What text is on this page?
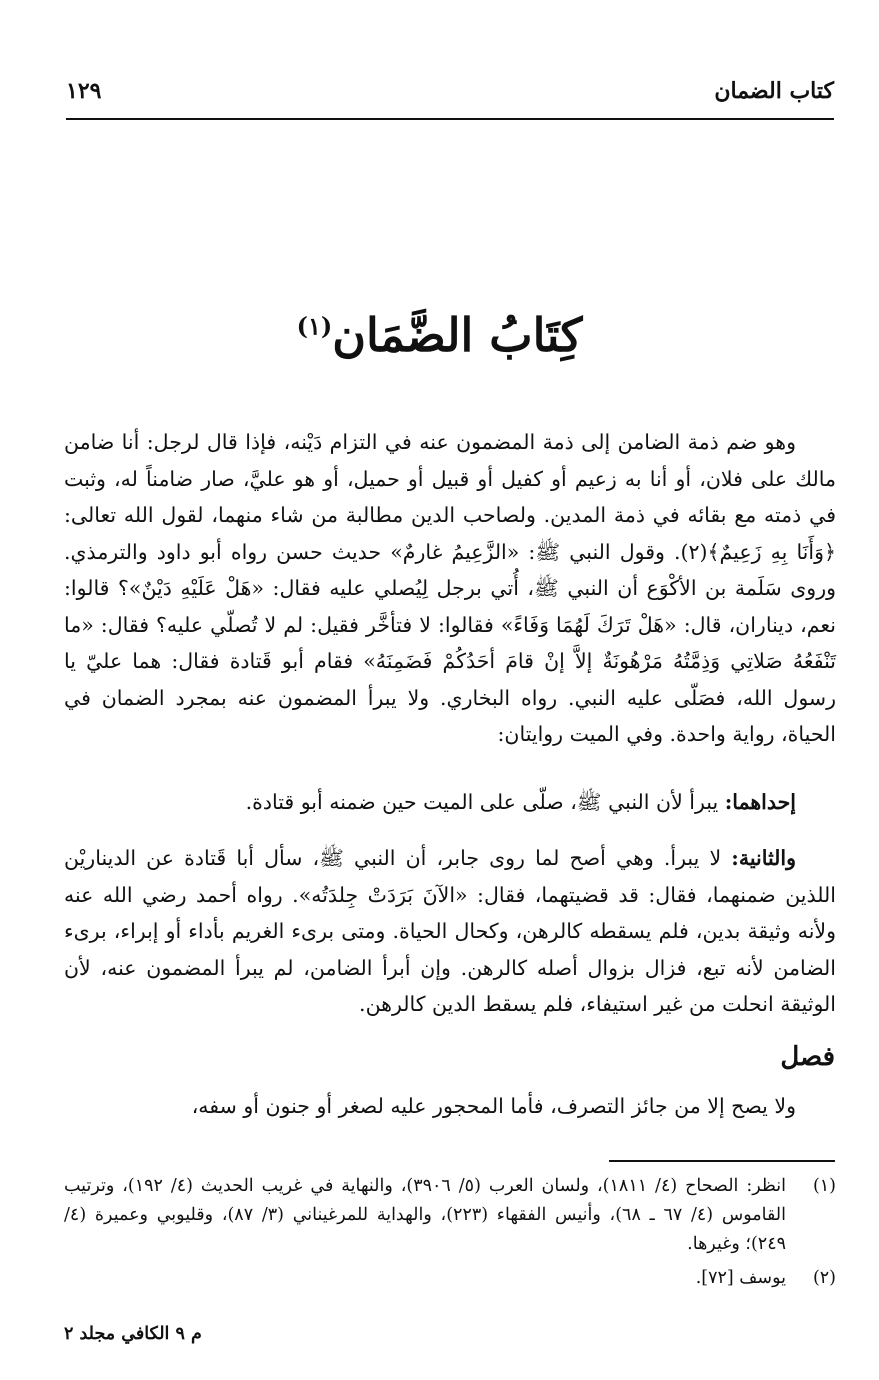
كتاب الضمان
١٢٩
كِتَابُ الضَّمَان$^{(١)}$

وهو ضم ذمة الضامن إلى ذمة المضمون عنه في التزام دَيْنه، فإذا قال لرجل: أنا ضامن مالك على فلان، أو أنا به زعيم أو كفيل أو قبيل أو حميل، أو هو عليَّ، صار ضامناً له، وثبت في ذمته مع بقائه في ذمة المدين. ولصاحب الدين مطالبة من شاء منهما، لقول الله تعالى: ﴿وَأَنَا بِهِ زَعِيمٌ﴾(٢). وقول النبي ﷺ: «الزَّعِيمُ غارمٌ» حديث حسن رواه أبو داود والترمذي. وروى سَلَمة بن الأكْوَع أن النبي ﷺ، أُتي برجل لِيُصلي عليه فقال: «هَلْ عَلَيْهِ دَيْنٌ»؟ قالوا: نعم، ديناران، قال: «هَلْ تَرَكَ لَهُمَا وَفَاءً» فقالوا: لا فتأخَّر فقيل: لم لا تُصلّي عليه؟ فقال: «ما تَنْفَعُهُ صَلاتِي وَذِمَّتُهُ مَرْهُونَةٌ إلاَّ إنْ قامَ أحَدُكُمْ فَضَمِنَهُ» فقام أبو قَتادة فقال: هما عليّ يا رسول الله، فصَلّى عليه النبي. رواه البخاري. ولا يبرأ المضمون عنه بمجرد الضمان في الحياة، رواية واحدة. وفي الميت روايتان:

إحداهما: يبرأ لأن النبي ﷺ، صلّى على الميت حين ضمنه أبو قتادة.

والثانية: لا يبرأ. وهي أصح لما روى جابر، أن النبي ﷺ، سأل أبا قَتادة عن الديناريْن اللذين ضمنهما، فقال: قد قضيتهما، فقال: «الآنَ بَرَدَتْ جِلدَتُه». رواه أحمد رضي الله عنه ولأنه وثيقة بدين، فلم يسقطه كالرهن، وكحال الحياة. ومتى برىء الغريم بأداء أو إبراء، برىء الضامن لأنه تبع، فزال بزوال أصله كالرهن. وإن أبرأ الضامن، لم يبرأ المضمون عنه، لأن الوثيقة انحلت من غير استيفاء، فلم يسقط الدين كالرهن.

فصل

ولا يصح إلا من جائز التصرف، فأما المحجور عليه لصغر أو جنون أو سفه،

(١)
انظر: الصحاح (٤/ ١٨١١)، ولسان العرب (٥/ ٣٩٠٦)، والنهاية في غريب الحديث (٤/ ١٩٢)، وترتيب القاموس (٤/ ٦٧ ـ ٦٨)، وأنيس الفقهاء (٢٢٣)، والهداية للمرغيناني (٣/ ٨٧)، وقليوبي وعميرة (٤/ ٢٤٩)؛ وغيرها.
(٢)
يوسف [٧٢].
م ٩ الكافي مجلد ٢
